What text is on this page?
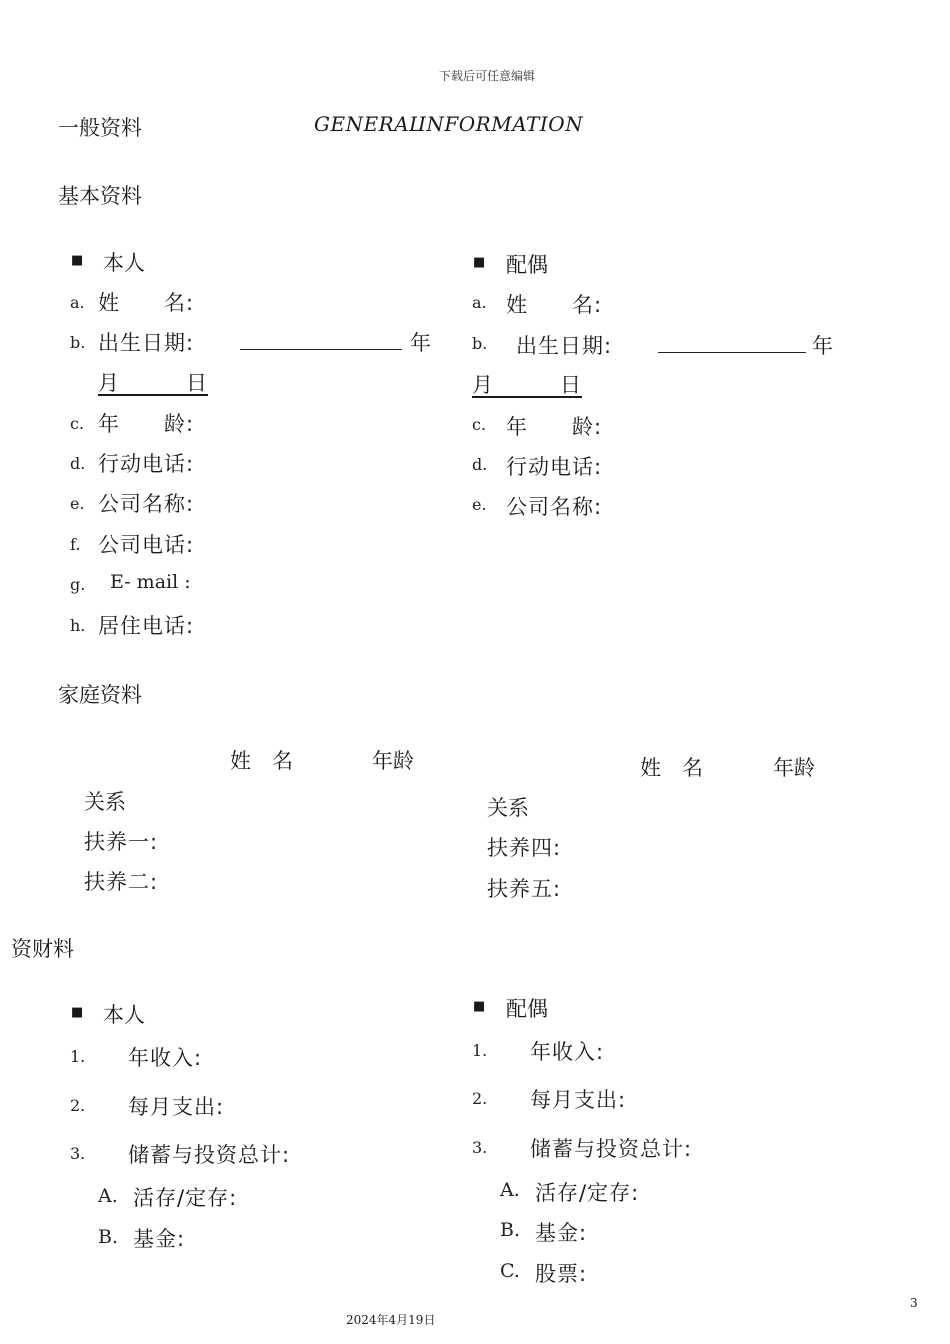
下载后可任意编辑
一般资料	GENERAL
INFORMATION
基本资料
■ 本人
a. 姓　　名:
b. 出生日期:	年
月　　　日
c. 年　　龄:
d. 行动电话:
e. 公司名称:
f. 公司电话:
g. E- mail :
h. 居住电话:
■ 配偶
a. 姓　　名:
b. 出生日期:	年
月　　　日
c. 年　　龄:
d. 行动电话:
e. 公司名称:
家庭资料
姓　名	年龄
关系
扶养一:
扶养二:
姓　名	年龄
关系
扶养四:
扶养五:
资财料
■ 本人
1. 年收入:
2. 每月支出:
3. 储蓄与投资总计:
A. 活存/定存:
B. 基金:
■ 配偶
1. 年收入:
2. 每月支出:
3. 储蓄与投资总计:
A. 活存/定存:
B. 基金:
C. 股票:
3
2024年4月19日
